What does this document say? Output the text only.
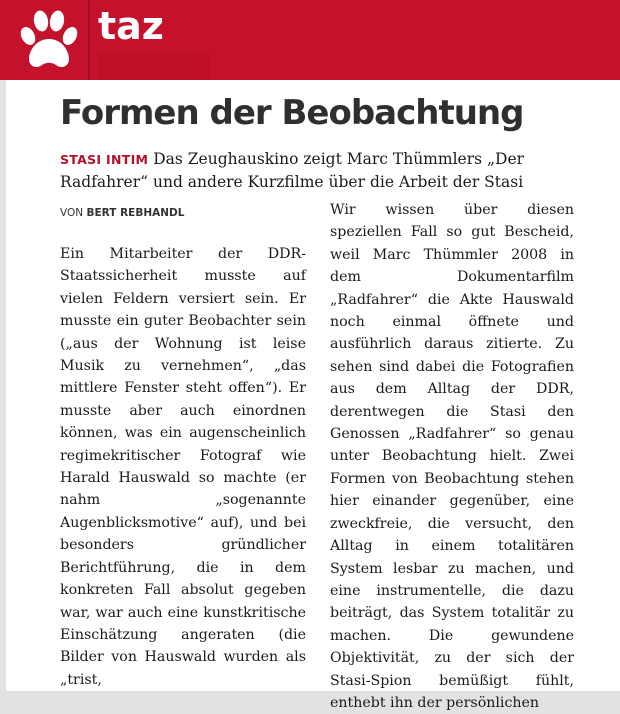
taz
Formen der Beobachtung

STASI INTIM Das Zeughauskino zeigt Marc Thümmlers „Der Radfahrer“ und andere Kurzfilme über die Arbeit der Stasi

VON BERT REBHANDL

Ein Mitarbeiter der DDR-Staatssicherheit musste auf vielen Feldern versiert sein. Er musste ein guter Beobachter sein („aus der Wohnung ist leise Musik zu vernehmen“, „das mittlere Fenster steht offen“). Er musste aber auch einordnen können, was ein augenscheinlich regimekritischer Fotograf wie Harald Hauswald so machte (er nahm „sogenannte Augenblicksmotive“ auf), und bei besonders gründlicher Berichtführung, die in dem konkreten Fall absolut gegeben war, war auch eine kunstkritische Einschätzung angeraten (die Bilder von Hauswald wurden als „trist,

Wir wissen über diesen speziellen Fall so gut Bescheid, weil Marc Thümmler 2008 in dem Dokumentarfilm „Radfahrer“ die Akte Hauswald noch einmal öffnete und ausführlich daraus zitierte. Zu sehen sind dabei die Fotografien aus dem Alltag der DDR, derentwegen die Stasi den Genossen „Radfahrer“ so genau unter Beobachtung hielt. Zwei Formen von Beobachtung stehen hier einander gegenüber, eine zweckfreie, die versucht, den Alltag in einem totalitären System lesbar zu machen, und eine instrumentelle, die dazu beiträgt, das System totalitär zu machen. Die gewundene Objektivität, zu der sich der Stasi-Spion bemüßigt fühlt, enthebt ihn der persönlichen
